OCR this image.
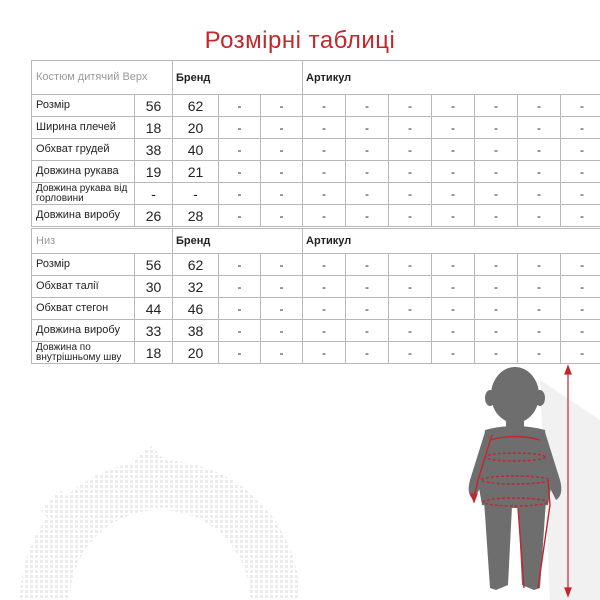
Розмірні таблиці
Костюм дитячий Верх		Бренд			Артикул						
Розмір	56	62	-	-	-	-	-	-	-	-	-
Ширина плечей	18	20	-	-	-	-	-	-	-	-	-
Обхват грудей	38	40	-	-	-	-	-	-	-	-	-
Довжина рукава	19	21	-	-	-	-	-	-	-	-	-
Довжина рукава від горловини	-	-	-	-	-	-	-	-	-	-	-
Довжина виробу	26	28	-	-	-	-	-	-	-	-	-
Низ		Бренд			Артикул						
Розмір	56	62	-	-	-	-	-	-	-	-	-
Обхват талії	30	32	-	-	-	-	-	-	-	-	-
Обхват стегон	44	46	-	-	-	-	-	-	-	-	-
Довжина виробу	33	38	-	-	-	-	-	-	-	-	-
Довжина по внутрішньому шву	18	20	-	-	-	-	-	-	-	-	-
